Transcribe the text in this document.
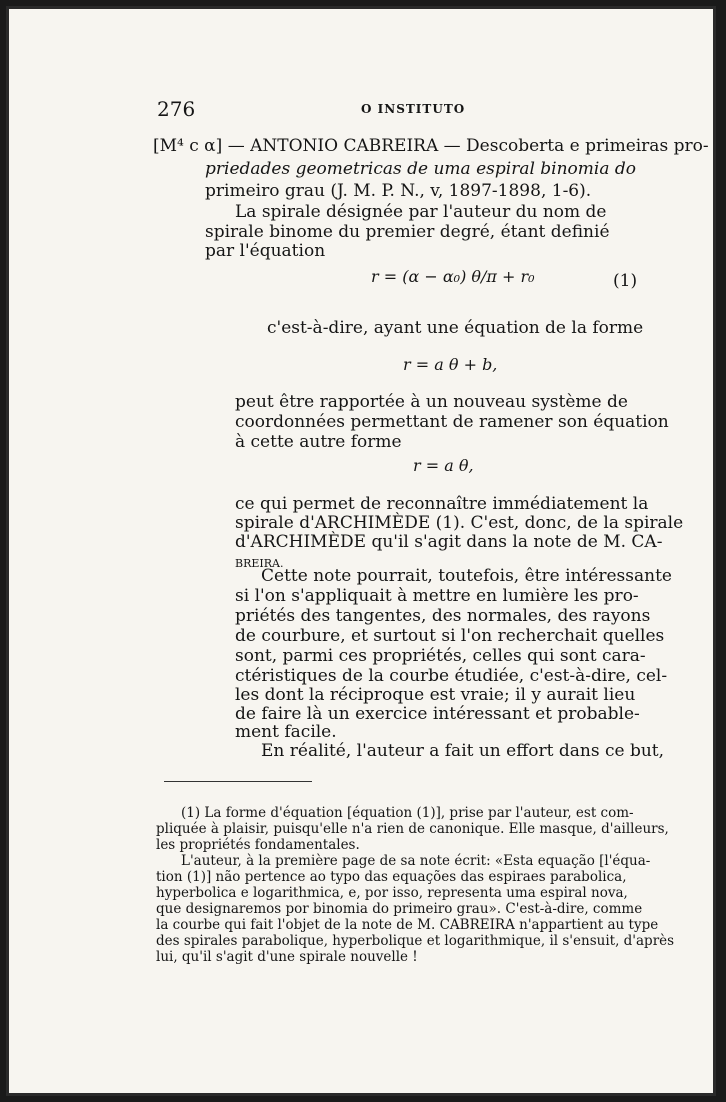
276	O INSTITUTO
[M⁴ c α] — ANTONIO CABREIRA — Descoberta e primeiras pro-
priedades geometricas de uma espiral binomia do
primeiro grau (J. M. P. N., v, 1897-1898, 1-6).
La spirale désignée par l'auteur du nom de
spirale binome du premier degré, étant definié
par l'équation
r = (α − α₀) θ/π + r₀	(1)
c'est-à-dire, ayant une équation de la forme
r = a θ + b,
peut être rapportée à un nouveau système de
coordonnées permettant de ramener son équation
à cette autre forme
r = a θ,
ce qui permet de reconnaître immédiatement la
spirale d'ARCHIMÈDE (1). C'est, donc, de la spirale
d'ARCHIMÈDE qu'il s'agit dans la note de M. CA-
BREIRA.
Cette note pourrait, toutefois, être intéressante
si l'on s'appliquait à mettre en lumière les pro-
priétés des tangentes, des normales, des rayons
de courbure, et surtout si l'on recherchait quelles
sont, parmi ces propriétés, celles qui sont cara-
ctéristiques de la courbe étudiée, c'est-à-dire, cel-
les dont la réciproque est vraie; il y aurait lieu
de faire là un exercice intéressant et probable-
ment facile.
En réalité, l'auteur a fait un effort dans ce but,
(1) La forme d'équation [équation (1)], prise par l'auteur, est com-
pliquée à plaisir, puisqu'elle n'a rien de canonique. Elle masque, d'ailleurs,
les propriétés fondamentales.
L'auteur, à la première page de sa note écrit: «Esta equação [l'équa-
tion (1)] não pertence ao typo das equações das espiraes parabolica,
hyperbolica e logarithmica, e, por isso, representa uma espiral nova,
que designaremos por binomia do primeiro grau». C'est-à-dire, comme
la courbe qui fait l'objet de la note de M. CABREIRA n'appartient au type
des spirales parabolique, hyperbolique et logarithmique, il s'ensuit, d'après
lui, qu'il s'agit d'une spirale nouvelle !
